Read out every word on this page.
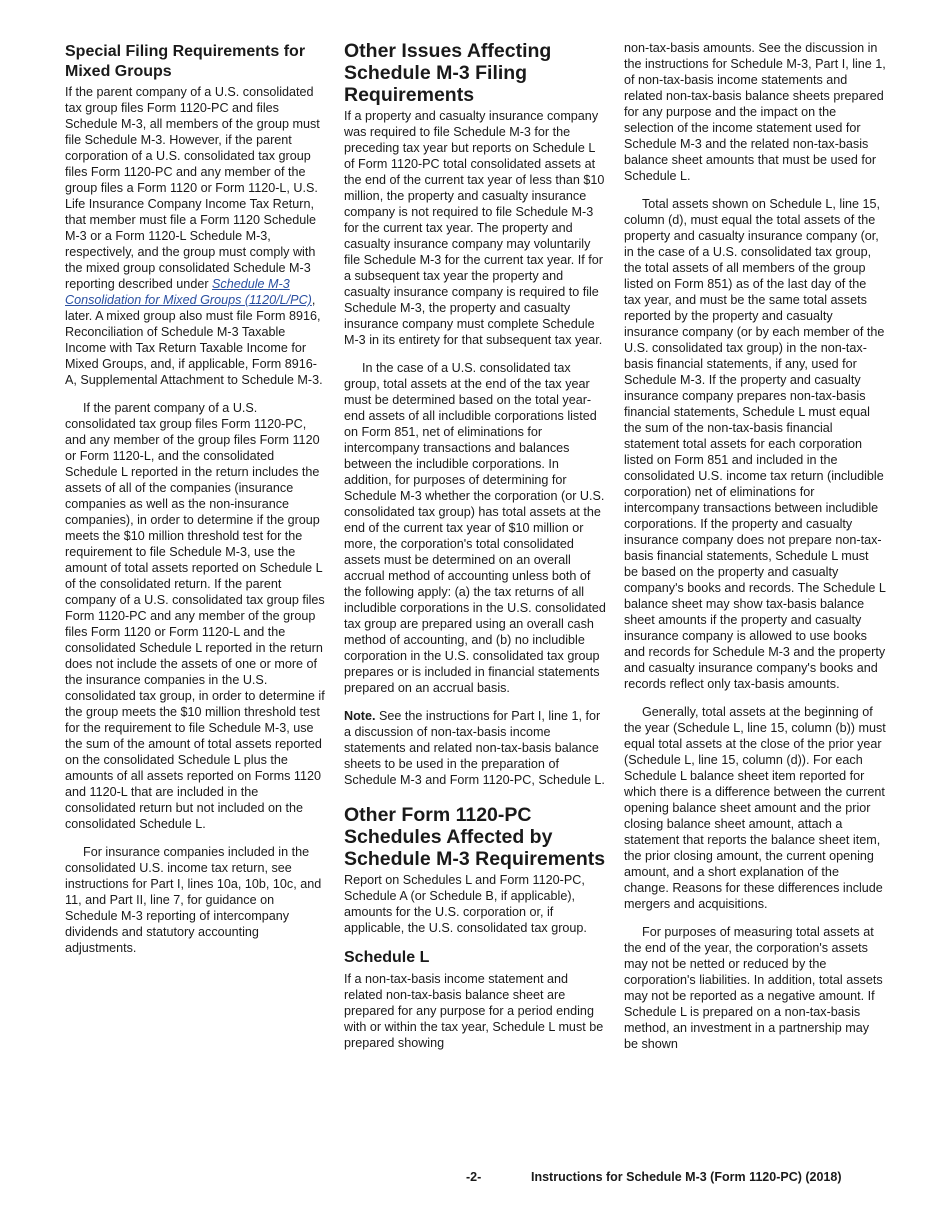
Special Filing Requirements for Mixed Groups

If the parent company of a U.S. consolidated tax group files Form 1120-PC and files Schedule M-3, all members of the group must file Schedule M-3. However, if the parent corporation of a U.S. consolidated tax group files Form 1120-PC and any member of the group files a Form 1120 or Form 1120-L, U.S. Life Insurance Company Income Tax Return, that member must file a Form 1120 Schedule M-3 or a Form 1120-L Schedule M-3, respectively, and the group must comply with the mixed group consolidated Schedule M-3 reporting described under Schedule M-3 Consolidation for Mixed Groups (1120/L/PC), later. A mixed group also must file Form 8916, Reconciliation of Schedule M-3 Taxable Income with Tax Return Taxable Income for Mixed Groups, and, if applicable, Form 8916-A, Supplemental Attachment to Schedule M-3.

If the parent company of a U.S. consolidated tax group files Form 1120-PC, and any member of the group files Form 1120 or Form 1120-L, and the consolidated Schedule L reported in the return includes the assets of all of the companies (insurance companies as well as the non-insurance companies), in order to determine if the group meets the $10 million threshold test for the requirement to file Schedule M-3, use the amount of total assets reported on Schedule L of the consolidated return. If the parent company of a U.S. consolidated tax group files Form 1120-PC and any member of the group files Form 1120 or Form 1120-L and the consolidated Schedule L reported in the return does not include the assets of one or more of the insurance companies in the U.S. consolidated tax group, in order to determine if the group meets the $10 million threshold test for the requirement to file Schedule M-3, use the sum of the amount of total assets reported on the consolidated Schedule L plus the amounts of all assets reported on Forms 1120 and 1120-L that are included in the consolidated return but not included on the consolidated Schedule L.

For insurance companies included in the consolidated U.S. income tax return, see instructions for Part I, lines 10a, 10b, 10c, and 11, and Part II, line 7, for guidance on Schedule M-3 reporting of intercompany dividends and statutory accounting adjustments.

Other Issues Affecting Schedule M-3 Filing Requirements

If a property and casualty insurance company was required to file Schedule M-3 for the preceding tax year but reports on Schedule L of Form 1120-PC total consolidated assets at the end of the current tax year of less than $10 million, the property and casualty insurance company is not required to file Schedule M-3 for the current tax year. The property and casualty insurance company may voluntarily file Schedule M-3 for the current tax year. If for a subsequent tax year the property and casualty insurance company is required to file Schedule M-3, the property and casualty insurance company must complete Schedule M-3 in its entirety for that subsequent tax year.

In the case of a U.S. consolidated tax group, total assets at the end of the tax year must be determined based on the total year-end assets of all includible corporations listed on Form 851, net of eliminations for intercompany transactions and balances between the includible corporations. In addition, for purposes of determining for Schedule M-3 whether the corporation (or U.S. consolidated tax group) has total assets at the end of the current tax year of $10 million or more, the corporation's total consolidated assets must be determined on an overall accrual method of accounting unless both of the following apply: (a) the tax returns of all includible corporations in the U.S. consolidated tax group are prepared using an overall cash method of accounting, and (b) no includible corporation in the U.S. consolidated tax group prepares or is included in financial statements prepared on an accrual basis.

Note. See the instructions for Part I, line 1, for a discussion of non-tax-basis income statements and related non-tax-basis balance sheets to be used in the preparation of Schedule M-3 and Form 1120-PC, Schedule L.

Other Form 1120-PC Schedules Affected by Schedule M-3 Requirements

Report on Schedules L and Form 1120-PC, Schedule A (or Schedule B, if applicable), amounts for the U.S. corporation or, if applicable, the U.S. consolidated tax group.

Schedule L

If a non-tax-basis income statement and related non-tax-basis balance sheet are prepared for any purpose for a period ending with or within the tax year, Schedule L must be prepared showing

non-tax-basis amounts. See the discussion in the instructions for Schedule M-3, Part I, line 1, of non-tax-basis income statements and related non-tax-basis balance sheets prepared for any purpose and the impact on the selection of the income statement used for Schedule M-3 and the related non-tax-basis balance sheet amounts that must be used for Schedule L.

Total assets shown on Schedule L, line 15, column (d), must equal the total assets of the property and casualty insurance company (or, in the case of a U.S. consolidated tax group, the total assets of all members of the group listed on Form 851) as of the last day of the tax year, and must be the same total assets reported by the property and casualty insurance company (or by each member of the U.S. consolidated tax group) in the non-tax-basis financial statements, if any, used for Schedule M-3. If the property and casualty insurance company prepares non-tax-basis financial statements, Schedule L must equal the sum of the non-tax-basis financial statement total assets for each corporation listed on Form 851 and included in the consolidated U.S. income tax return (includible corporation) net of eliminations for intercompany transactions between includible corporations. If the property and casualty insurance company does not prepare non-tax-basis financial statements, Schedule L must be based on the property and casualty company's books and records. The Schedule L balance sheet may show tax-basis balance sheet amounts if the property and casualty insurance company is allowed to use books and records for Schedule M-3 and the property and casualty insurance company's books and records reflect only tax-basis amounts.

Generally, total assets at the beginning of the year (Schedule L, line 15, column (b)) must equal total assets at the close of the prior year (Schedule L, line 15, column (d)). For each Schedule L balance sheet item reported for which there is a difference between the current opening balance sheet amount and the prior closing balance sheet amount, attach a statement that reports the balance sheet item, the prior closing amount, the current opening amount, and a short explanation of the change. Reasons for these differences include mergers and acquisitions.

For purposes of measuring total assets at the end of the year, the corporation's assets may not be netted or reduced by the corporation's liabilities. In addition, total assets may not be reported as a negative amount. If Schedule L is prepared on a non-tax-basis method, an investment in a partnership may be shown

-2-	Instructions for Schedule M-3 (Form 1120-PC) (2018)
